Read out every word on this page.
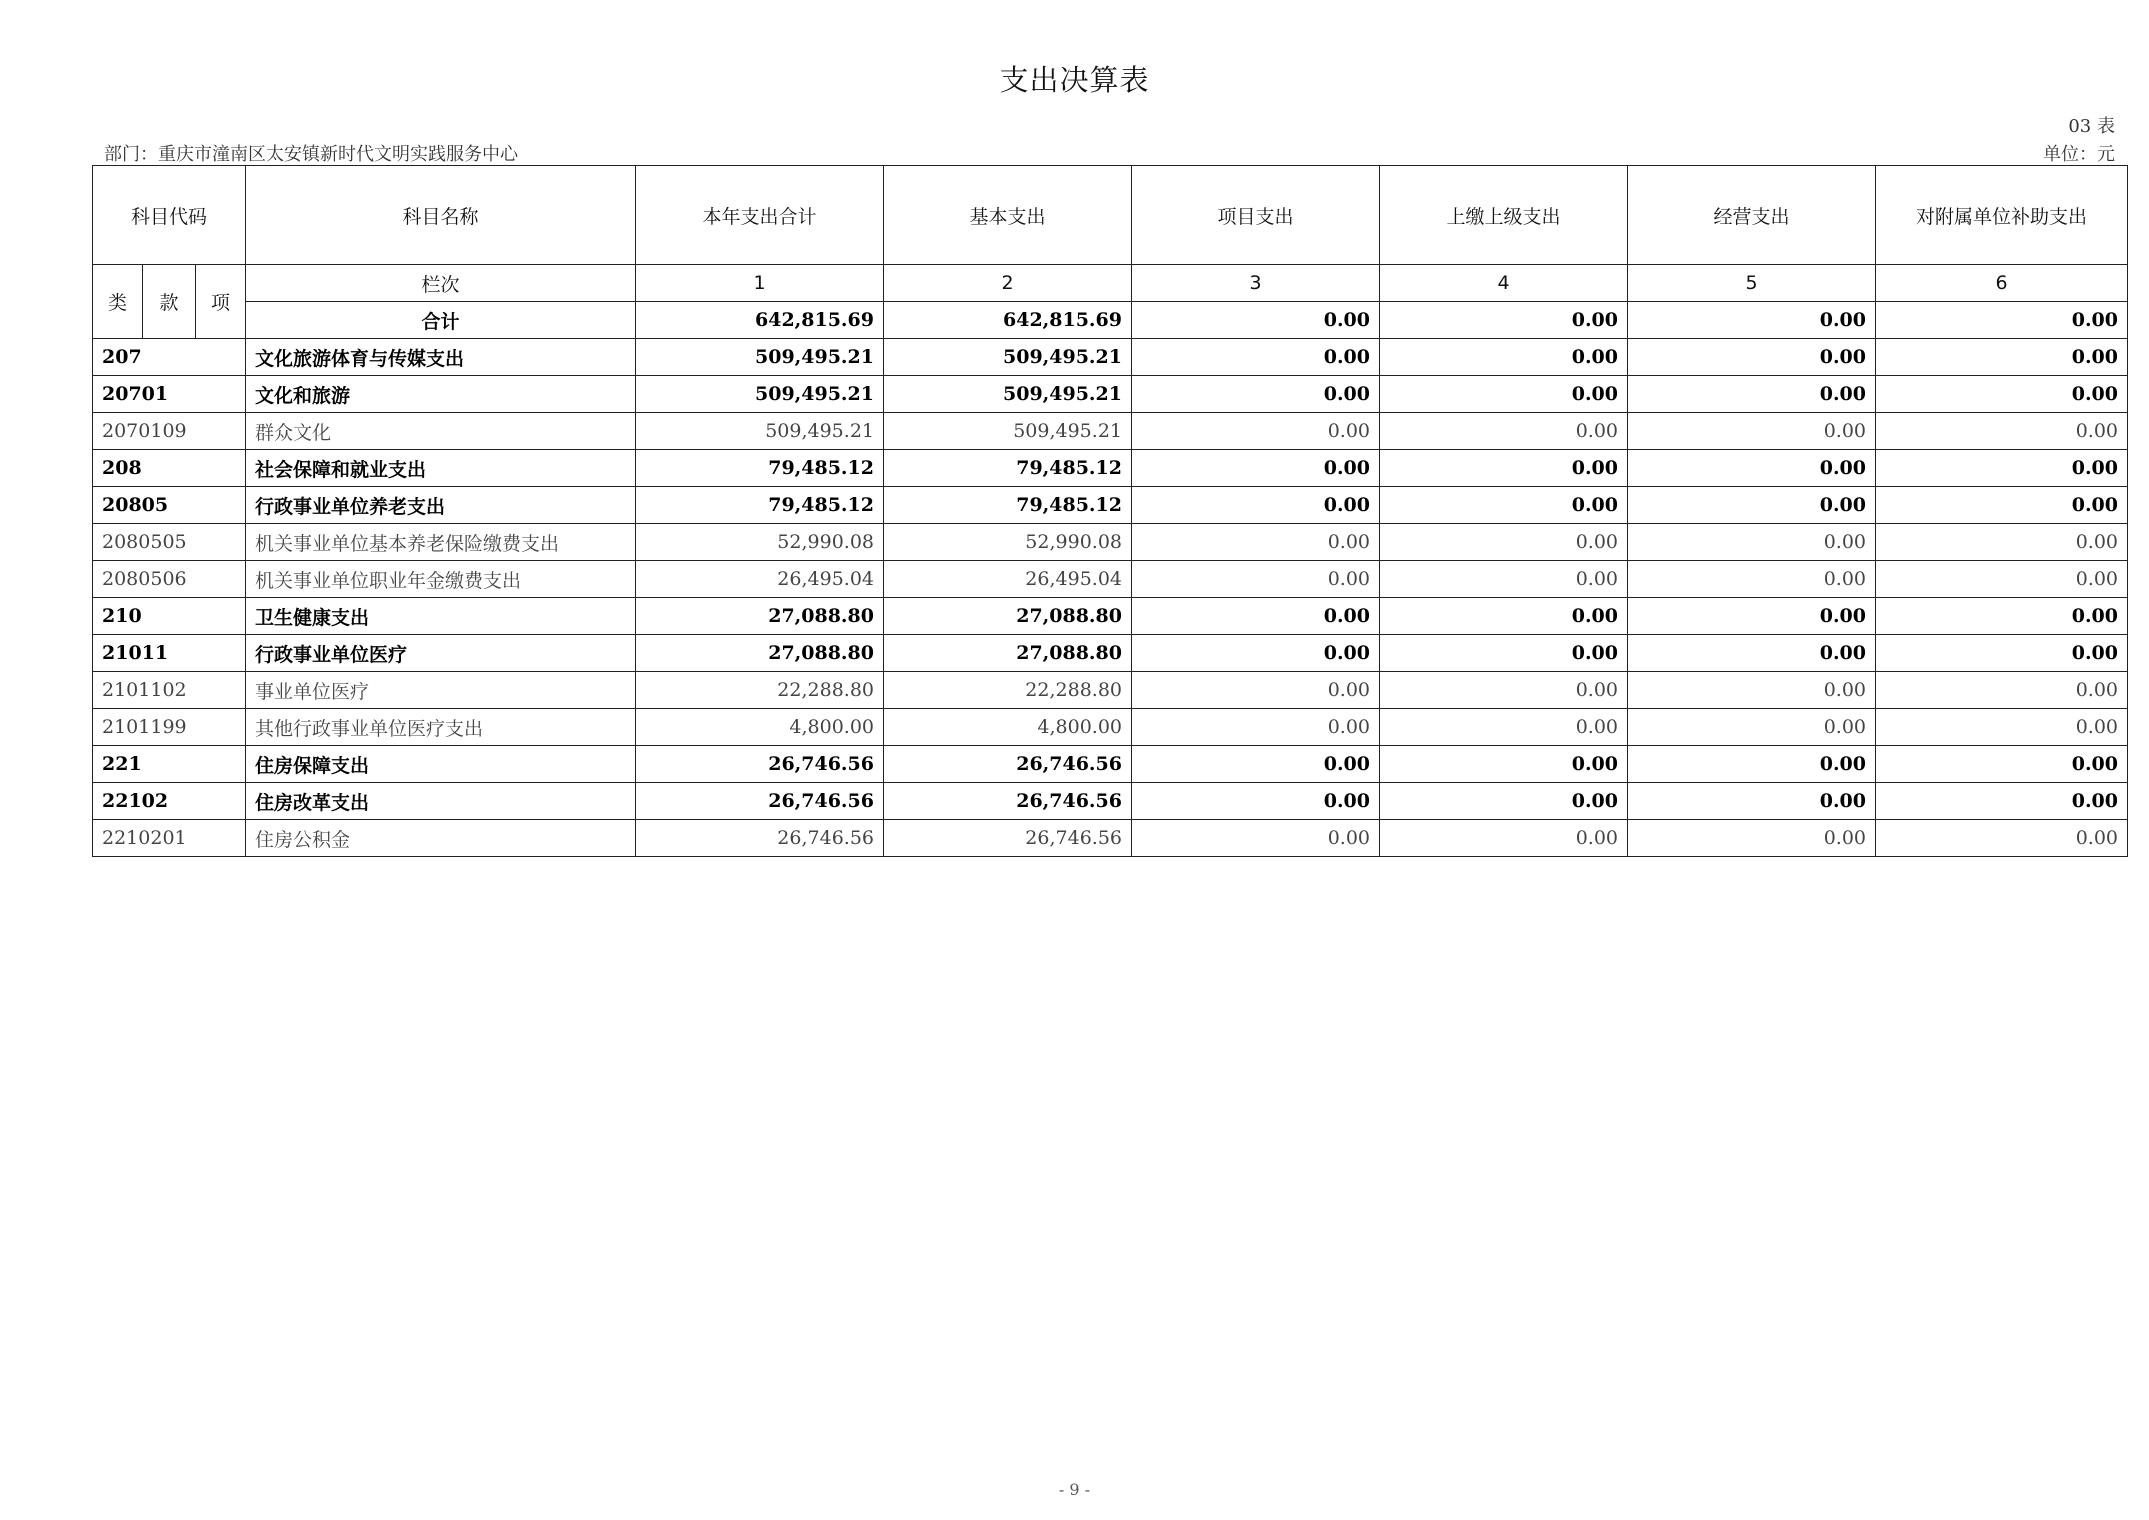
支出决算表
03 表
部门：重庆市潼南区太安镇新时代文明实践服务中心	单位：元
科目代码			科目名称	本年支出合计	基本支出	项目支出	上缴上级支出	经营支出	对附属单位补助支出
类	款	项	栏次	1	2	3	4	5	6
			合计	642,815.69	642,815.69	0.00	0.00	0.00	0.00
207			文化旅游体育与传媒支出	509,495.21	509,495.21	0.00	0.00	0.00	0.00
20701			文化和旅游	509,495.21	509,495.21	0.00	0.00	0.00	0.00
2070109			群众文化	509,495.21	509,495.21	0.00	0.00	0.00	0.00
208			社会保障和就业支出	79,485.12	79,485.12	0.00	0.00	0.00	0.00
20805			行政事业单位养老支出	79,485.12	79,485.12	0.00	0.00	0.00	0.00
2080505			机关事业单位基本养老保险缴费支出	52,990.08	52,990.08	0.00	0.00	0.00	0.00
2080506			机关事业单位职业年金缴费支出	26,495.04	26,495.04	0.00	0.00	0.00	0.00
210			卫生健康支出	27,088.80	27,088.80	0.00	0.00	0.00	0.00
21011			行政事业单位医疗	27,088.80	27,088.80	0.00	0.00	0.00	0.00
2101102			事业单位医疗	22,288.80	22,288.80	0.00	0.00	0.00	0.00
2101199			其他行政事业单位医疗支出	4,800.00	4,800.00	0.00	0.00	0.00	0.00
221			住房保障支出	26,746.56	26,746.56	0.00	0.00	0.00	0.00
22102			住房改革支出	26,746.56	26,746.56	0.00	0.00	0.00	0.00
2210201			住房公积金	26,746.56	26,746.56	0.00	0.00	0.00	0.00
- 9 -
